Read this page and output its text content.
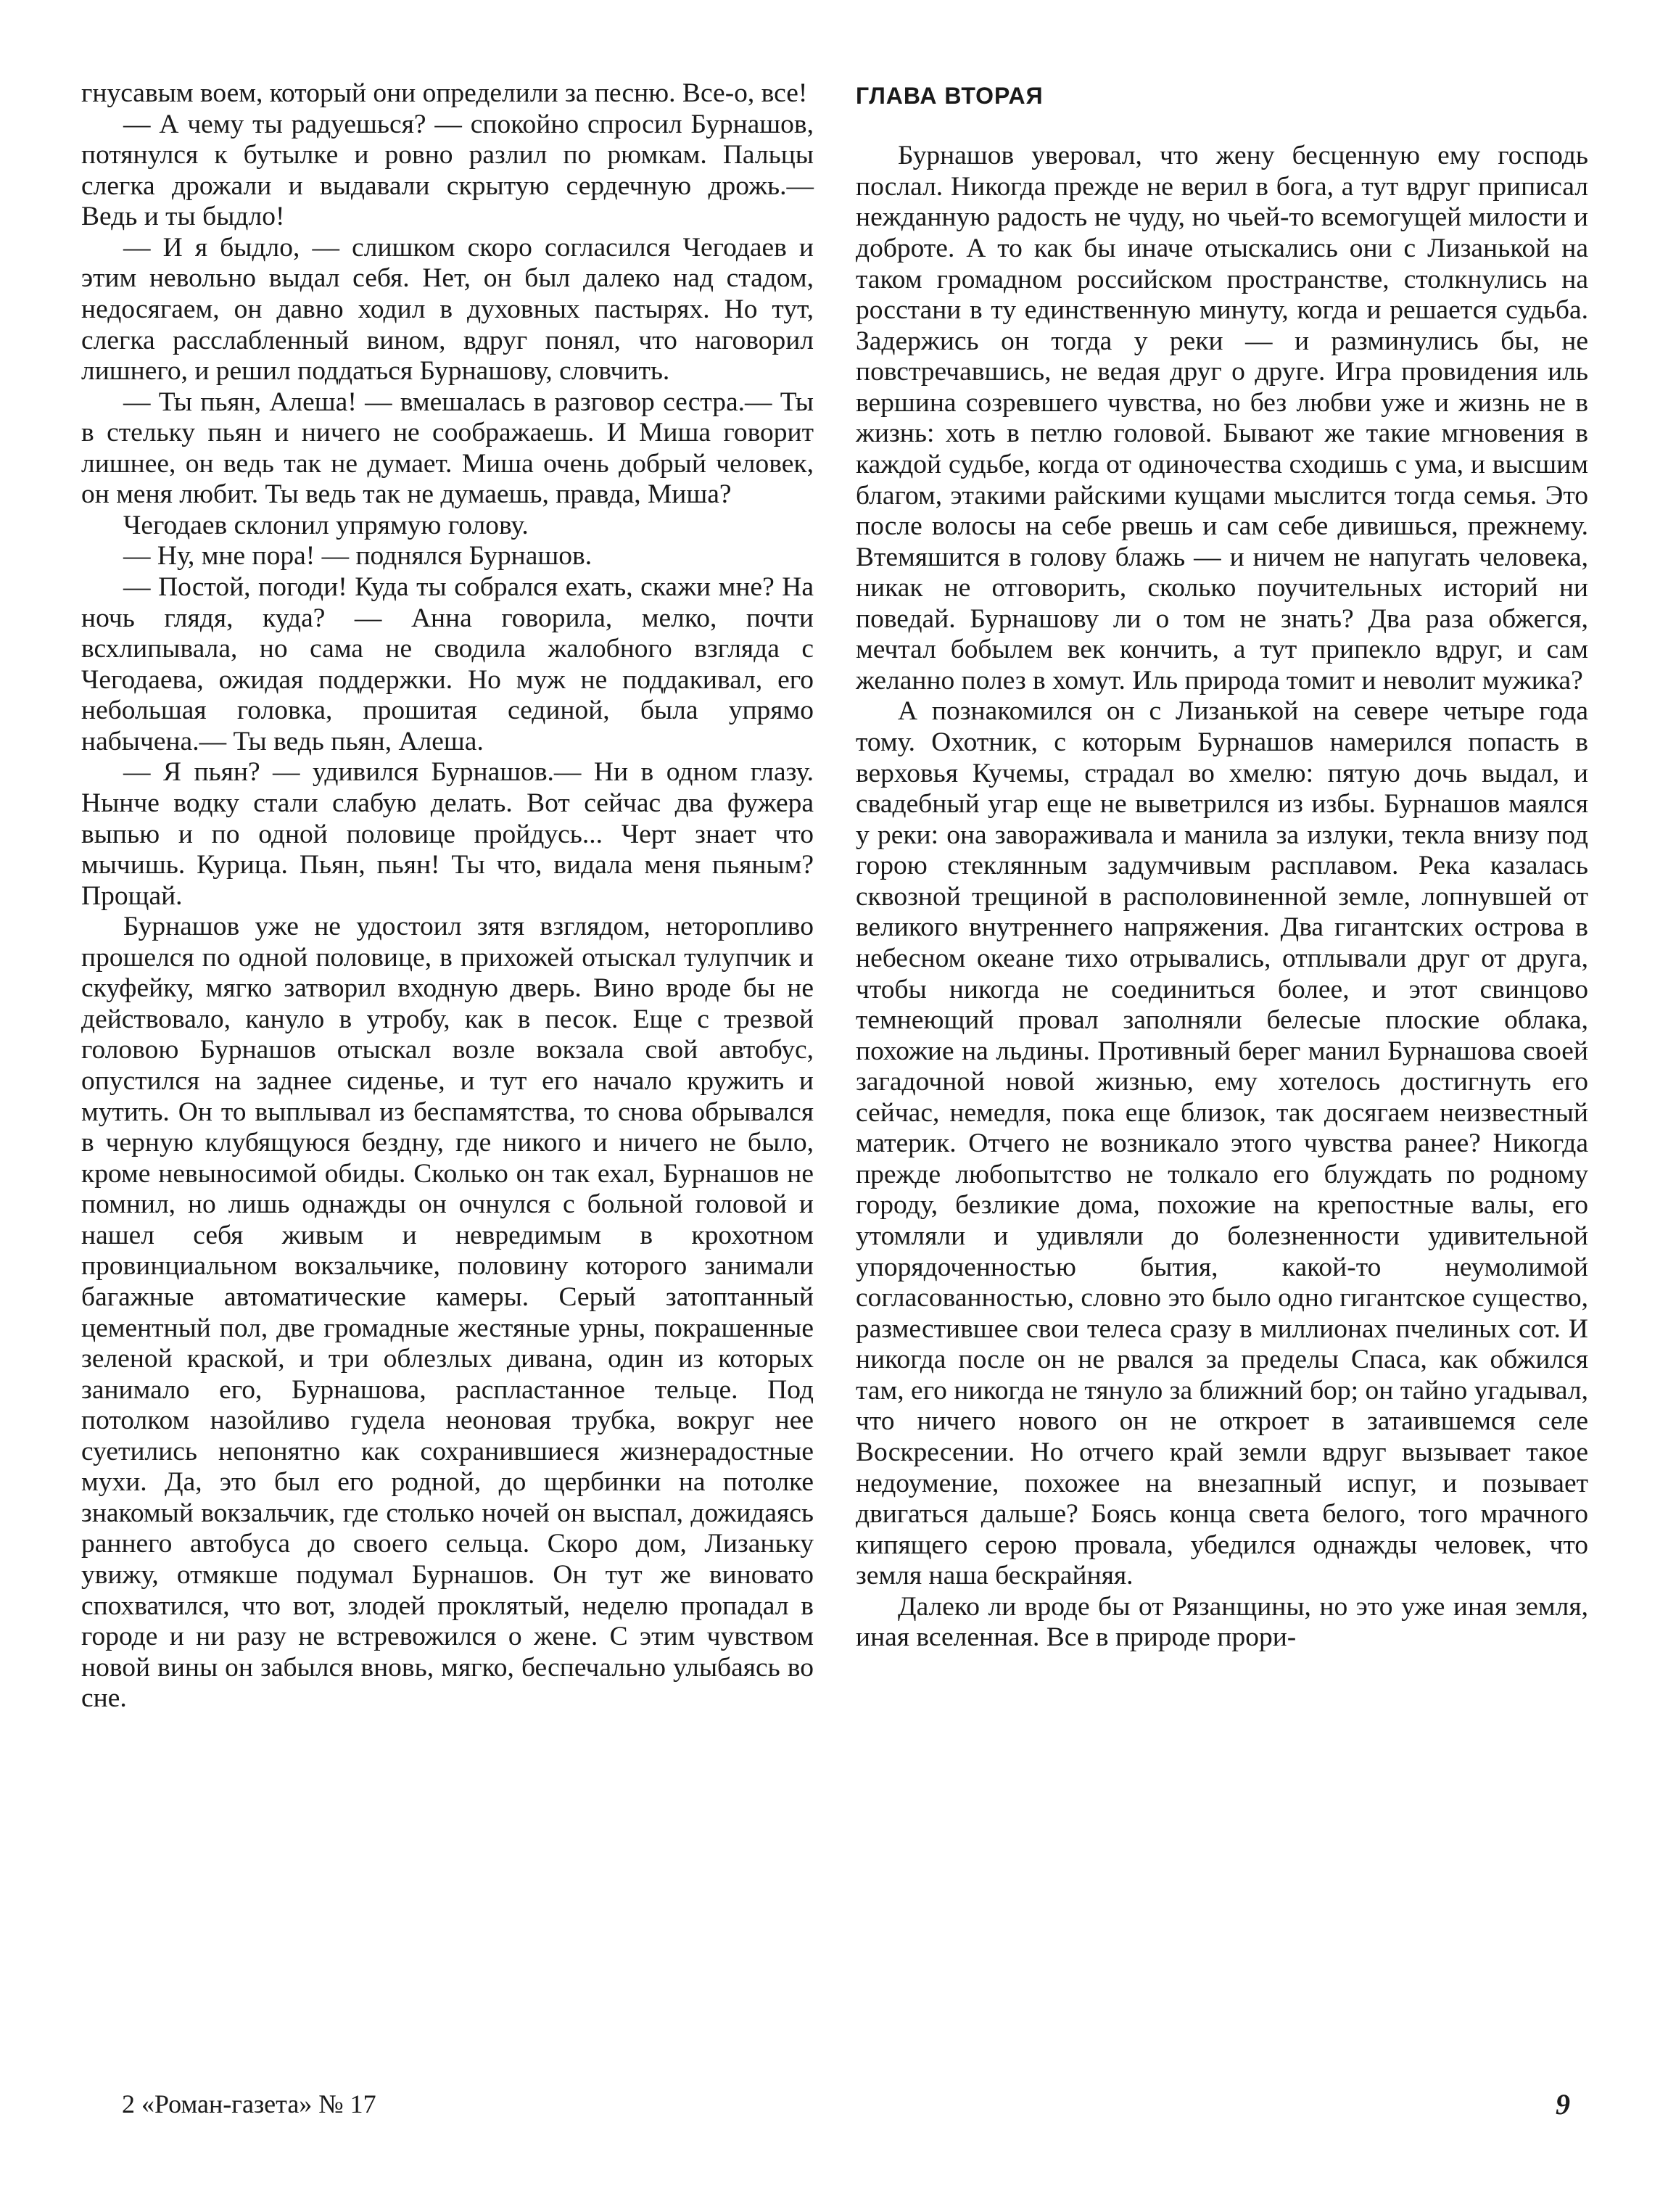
гнусавым воем, который они определили за песню. Все-о, все!

— А чему ты радуешься? — спокойно спросил Бурнашов, потянулся к бутылке и ровно разлил по рюмкам. Пальцы слегка дрожали и выдавали скрытую сердечную дрожь.— Ведь и ты быдло!

— И я быдло, — слишком скоро согласился Чегодаев и этим невольно выдал себя. Нет, он был далеко над стадом, недосягаем, он давно ходил в духовных пастырях. Но тут, слегка расслабленный вином, вдруг понял, что наговорил лишнего, и решил поддаться Бурнашову, словчить.

— Ты пьян, Алеша! — вмешалась в разговор сестра.— Ты в стельку пьян и ничего не соображаешь. И Миша говорит лишнее, он ведь так не думает. Миша очень добрый человек, он меня любит. Ты ведь так не думаешь, правда, Миша?

Чегодаев склонил упрямую голову.

— Ну, мне пора! — поднялся Бурнашов.

— Постой, погоди! Куда ты собрался ехать, скажи мне? На ночь глядя, куда? — Анна говорила, мелко, почти всхлипывала, но сама не сводила жалобного взгляда с Чегодаева, ожидая поддержки. Но муж не поддакивал, его небольшая головка, прошитая сединой, была упрямо набычена.— Ты ведь пьян, Алеша.

— Я пьян? — удивился Бурнашов.— Ни в одном глазу. Нынче водку стали слабую делать. Вот сейчас два фужера выпью и по одной половице пройдусь... Черт знает что мычишь. Курица. Пьян, пьян! Ты что, видала меня пьяным? Прощай.

Бурнашов уже не удостоил зятя взглядом, неторопливо прошелся по одной половице, в прихожей отыскал тулупчик и скуфейку, мягко затворил входную дверь. Вино вроде бы не действовало, кануло в утробу, как в песок. Еще с трезвой головою Бурнашов отыскал возле вокзала свой автобус, опустился на заднее сиденье, и тут его начало кружить и мутить. Он то выплывал из беспамятства, то снова обрывался в черную клубящуюся бездну, где никого и ничего не было, кроме невыносимой обиды. Сколько он так ехал, Бурнашов не помнил, но лишь однажды он очнулся с больной головой и нашел себя живым и невредимым в крохотном провинциальном вокзальчике, половину которого занимали багажные автоматические камеры. Серый затоптанный цементный пол, две громадные жестяные урны, покрашенные зеленой краской, и три облезлых дивана, один из которых занимало его, Бурнашова, распластанное тельце. Под потолком назойливо гудела неоновая трубка, вокруг нее суетились непонятно как сохранившиеся жизнерадостные мухи. Да, это был его родной, до щербинки на потолке знакомый вокзальчик, где столько ночей он выспал, дожидаясь раннего автобуса до своего сельца. Скоро дом, Лизаньку увижу, отмякше подумал Бурнашов. Он тут же виновато спохватился, что вот, злодей проклятый, неделю пропадал в городе и ни разу не встревожился о жене. С этим чувством новой вины он забылся вновь, мягко, беспечально улыбаясь во сне.

ГЛАВА ВТОРАЯ

Бурнашов уверовал, что жену бесценную ему господь послал. Никогда прежде не верил в бога, а тут вдруг приписал нежданную радость не чуду, но чьей-то всемогущей милости и доброте. А то как бы иначе отыскались они с Лизанькой на таком громадном российском пространстве, столкнулись на росстани в ту единственную минуту, когда и решается судьба. Задержись он тогда у реки — и разминулись бы, не повстречавшись, не ведая друг о друге. Игра провидения иль вершина созревшего чувства, но без любви уже и жизнь не в жизнь: хоть в петлю головой. Бывают же такие мгновения в каждой судьбе, когда от одиночества сходишь с ума, и высшим благом, этакими райскими кущами мыслится тогда семья. Это после волосы на себе рвешь и сам себе дивишься, прежнему. Втемяшится в голову блажь — и ничем не напугать человека, никак не отговорить, сколько поучительных историй ни поведай. Бурнашову ли о том не знать? Два раза обжегся, мечтал бобылем век кончить, а тут припекло вдруг, и сам желанно полез в хомут. Иль природа томит и неволит мужика?

А познакомился он с Лизанькой на севере четыре года тому. Охотник, с которым Бурнашов намерился попасть в верховья Кучемы, страдал во хмелю: пятую дочь выдал, и свадебный угар еще не выветрился из избы. Бурнашов маялся у реки: она завораживала и манила за излуки, текла внизу под горою стеклянным задумчивым расплавом. Река казалась сквозной трещиной в располовиненной земле, лопнувшей от великого внутреннего напряжения. Два гигантских острова в небесном океане тихо отрывались, отплывали друг от друга, чтобы никогда не соединиться более, и этот свинцово темнеющий провал заполняли белесые плоские облака, похожие на льдины. Противный берег манил Бурнашова своей загадочной новой жизнью, ему хотелось достигнуть его сейчас, немедля, пока еще близок, так досягаем неизвестный материк. Отчего не возникало этого чувства ранее? Никогда прежде любопытство не толкало его блуждать по родному городу, безликие дома, похожие на крепостные валы, его утомляли и удивляли до болезненности удивительной упорядоченностью бытия, какой-то неумолимой согласованностью, словно это было одно гигантское существо, разместившее свои телеса сразу в миллионах пчелиных сот. И никогда после он не рвался за пределы Спаса, как обжился там, его никогда не тянуло за ближний бор; он тайно угадывал, что ничего нового он не откроет в затаившемся селе Воскресении. Но отчего край земли вдруг вызывает такое недоумение, похожее на внезапный испуг, и позывает двигаться дальше? Боясь конца света белого, того мрачного кипящего серою провала, убедился однажды человек, что земля наша бескрайняя.

Далеко ли вроде бы от Рязанщины, но это уже иная земля, иная вселенная. Все в природе прори-

2 «Роман-газета» № 17	9
